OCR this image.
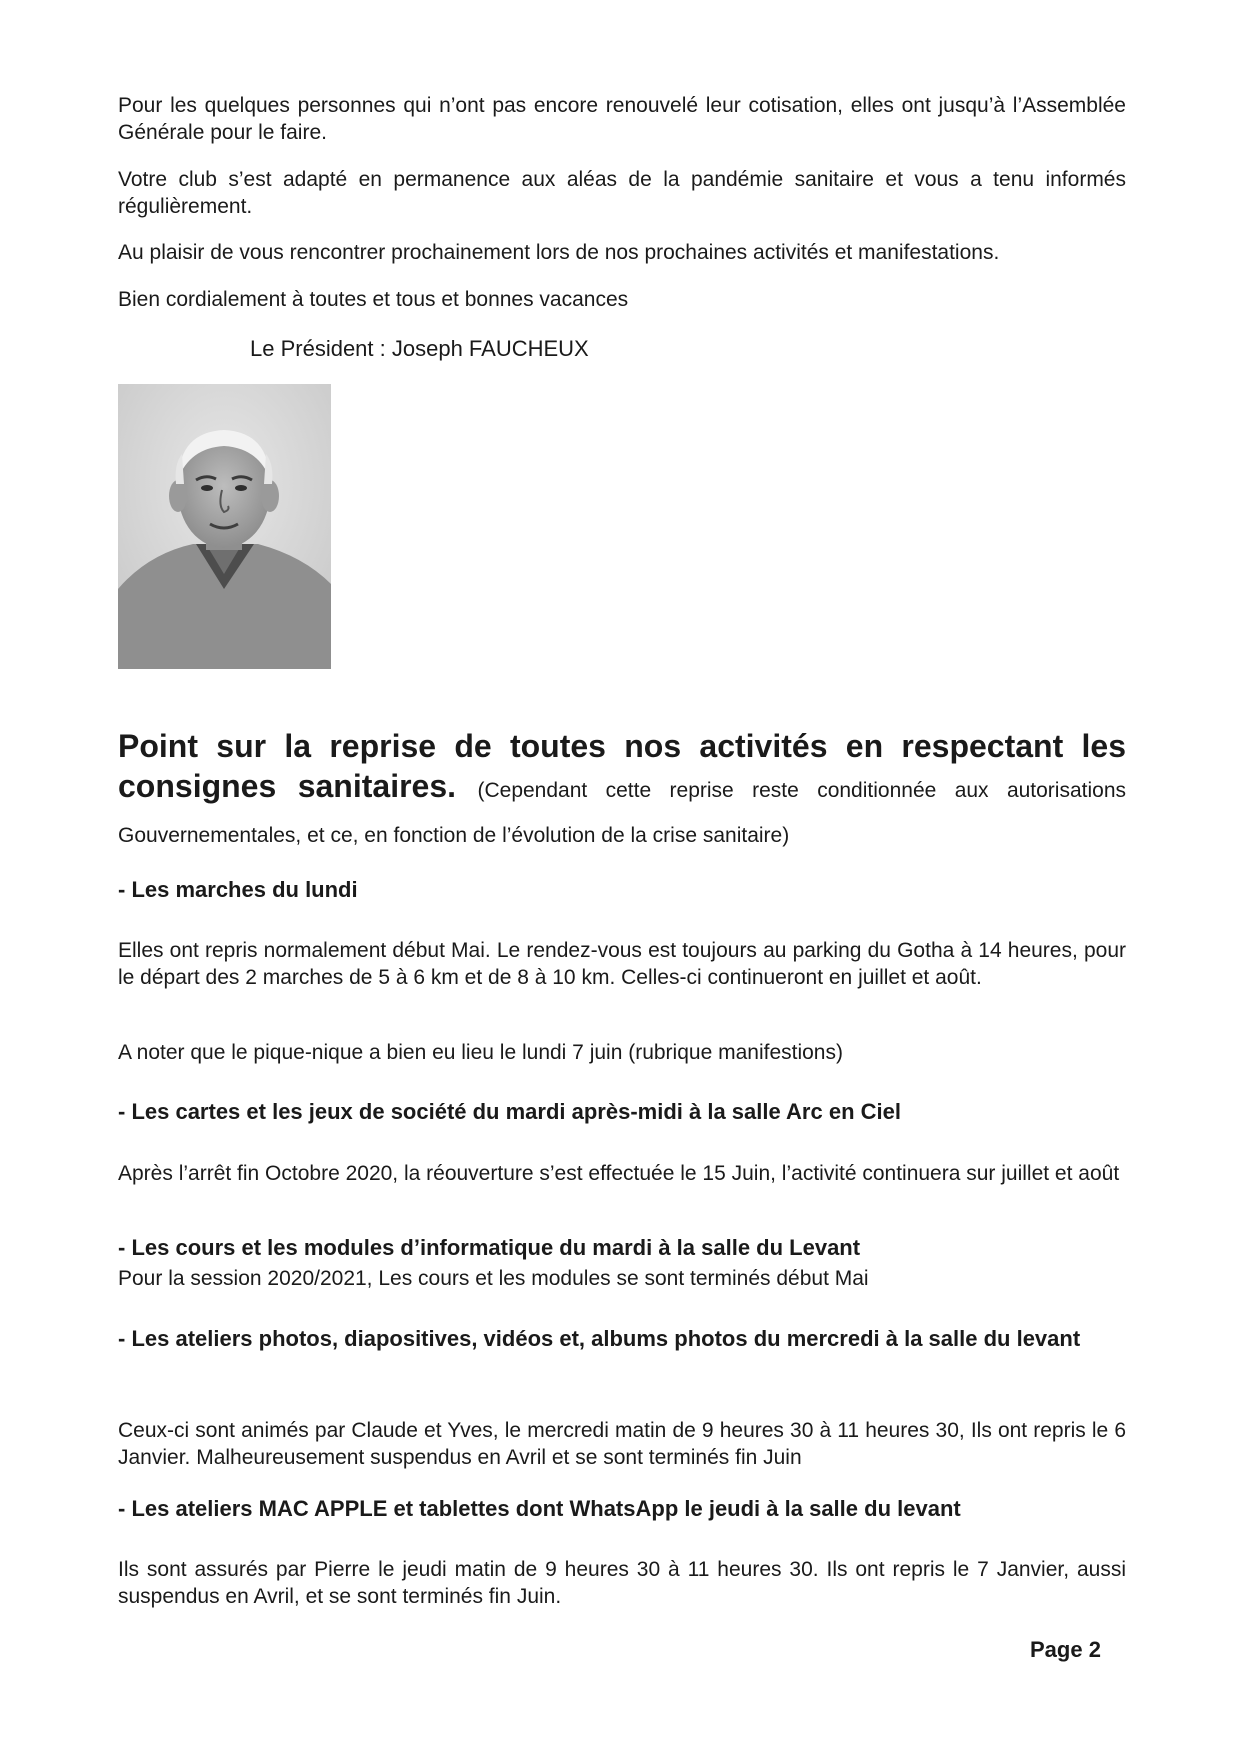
Pour les quelques personnes qui n’ont pas encore renouvelé leur cotisation, elles ont jusqu’à l’Assemblée Générale pour le faire.

Votre club s’est adapté en permanence aux aléas de la pandémie sanitaire et vous a tenu informés régulièrement.

Au plaisir de vous rencontrer prochainement lors de nos prochaines activités et manifestations.

Bien cordialement à toutes et tous et bonnes vacances

Le Président : Joseph FAUCHEUX

Point sur la reprise de toutes nos activités en respectant les consignes sanitaires. (Cependant cette reprise reste conditionnée aux autorisations Gouvernementales, et ce, en fonction de l’évolution de la crise sanitaire)

- Les marches du lundi

Elles ont repris normalement début Mai. Le rendez-vous est toujours au parking du Gotha à 14 heures, pour le départ des 2 marches de 5 à 6 km et de 8 à 10 km. Celles-ci continueront en juillet et août.

A noter que le pique-nique a bien eu lieu le lundi 7 juin (rubrique manifestions)

- Les cartes et les jeux de société du mardi après-midi à la salle Arc en Ciel

Après l’arrêt fin Octobre 2020, la réouverture s’est effectuée le 15 Juin, l’activité continuera sur juillet et août

- Les cours et les modules d’informatique du mardi à la salle du Levant

Pour la session 2020/2021, Les cours et les modules se sont terminés début Mai

- Les ateliers photos, diapositives, vidéos et, albums photos du mercredi à la salle du levant

Ceux-ci sont animés par Claude et Yves, le mercredi matin de 9 heures 30 à 11 heures 30, Ils ont repris le 6 Janvier. Malheureusement suspendus en Avril et se sont terminés fin Juin

- Les ateliers MAC APPLE et tablettes dont WhatsApp le jeudi à la salle du levant

Ils sont assurés par Pierre le jeudi matin de 9 heures 30 à 11 heures 30. Ils ont repris le 7 Janvier, aussi suspendus en Avril, et se sont terminés fin Juin.

Page 2
